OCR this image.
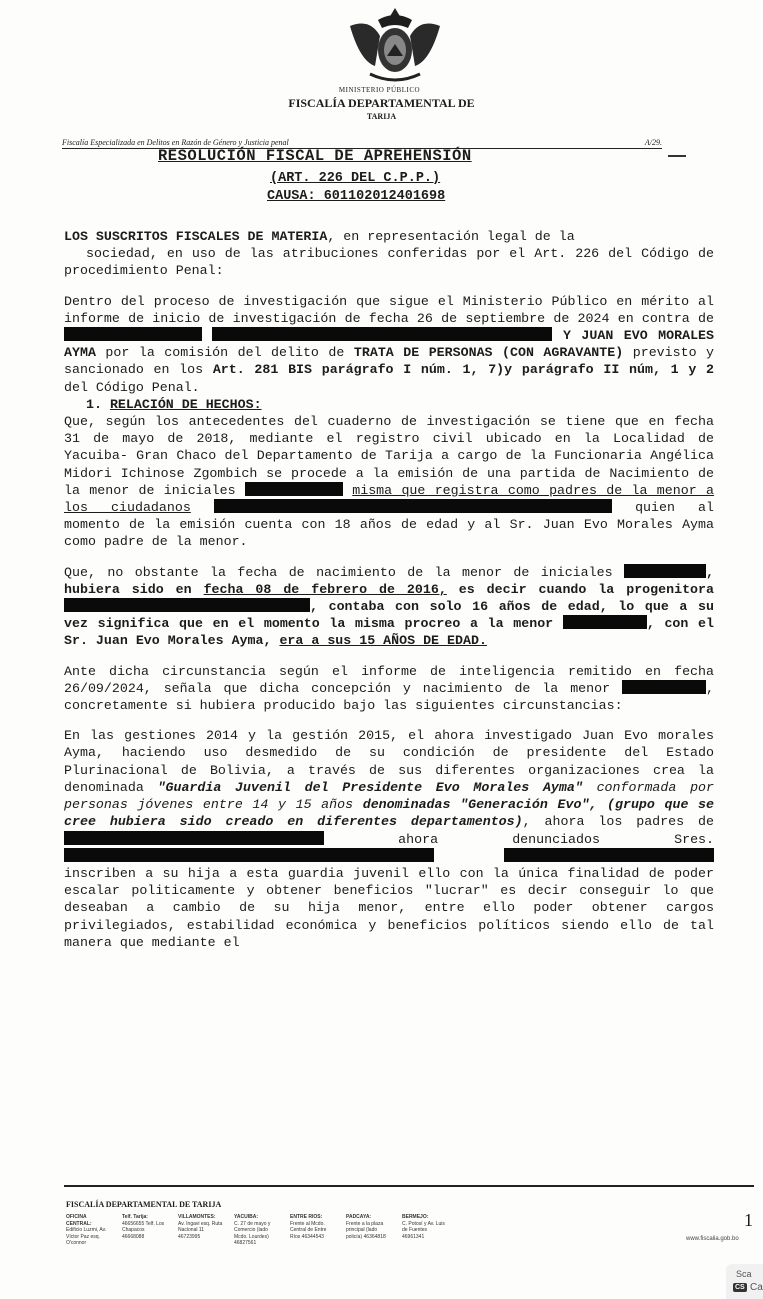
MINISTERIO PÚBLICO
FISCALÍA DEPARTAMENTAL DE
TARIJA
Fiscalía Especializada en Delitos en Razón de Género y Justicia penal	A/29.
RESOLUCIÓN FISCAL DE APREHENSIÓN
(ART. 226 DEL C.P.P.)
CAUSA: 601102012401698

LOS SUSCRITOS FISCALES DE MATERIA, en representación legal de la
sociedad, en uso de las atribuciones conferidas por el Art. 226 del Código de procedimiento Penal:

Dentro del proceso de investigación que sigue el Ministerio Público en mérito al informe de inicio de investigación de fecha 26 de septiembre de 2024 en contra de   Y JUAN EVO MORALES AYMA por la comisión del delito de TRATA DE PERSONAS (CON AGRAVANTE) previsto y sancionado en los Art. 281 BIS parágrafo I núm. 1, 7)y parágrafo II núm, 1 y 2 del Código Penal.

1. RELACIÓN DE HECHOS:

Que, según los antecedentes del cuaderno de investigación se tiene que en fecha 31 de mayo de 2018, mediante el registro civil ubicado en la Localidad de Yacuiba- Gran Chaco del Departamento de Tarija a cargo de la Funcionaria Angélica Midori Ichinose Zgombich se procede a la emisión de una partida de Nacimiento de la menor de iniciales	misma que registra como padres de la menor a los ciudadanos	quien al momento de la emisión cuenta con 18 años de edad y al Sr. Juan Evo Morales Ayma como padre de la menor.

Que, no obstante la fecha de nacimiento de la menor de iniciales	, hubiera sido en fecha 08 de febrero de 2016, es decir cuando la progenitora , contaba con solo 16 años de edad, lo que a su vez significa que en el momento la misma procreo a la menor	, con el Sr. Juan Evo Morales Ayma, era a sus 15 AÑOS DE EDAD.

Ante dicha circunstancia según el informe de inteligencia remitido en fecha 26/09/2024, señala que dicha concepción y nacimiento de la menor	, concretamente si hubiera producido bajo las siguientes circunstancias:

En las gestiones 2014 y la gestión 2015, el ahora investigado Juan Evo morales Ayma, haciendo uso desmedido de su condición de presidente del Estado Plurinacional de Bolivia, a través de sus diferentes organizaciones crea la denominada "Guardia Juvenil del Presidente Evo Morales Ayma" conformada por personas jóvenes entre 14 y 15 años denominadas "Generación Evo", (grupo que se cree hubiera sido creado en diferentes departamentos), ahora los padres de  ahora denunciados Sres.   inscriben a su hija a esta guardia juvenil ello con la única finalidad de poder escalar politicamente y obtener beneficios "lucrar" es decir conseguir lo que deseaban a cambio de su hija menor, entre ello poder obtener cargos privilegiados, estabilidad económica y beneficios políticos siendo ello de tal manera que mediante el

FISCALÍA DEPARTAMENTAL DE TARIJA
OFICINA CENTRAL:
Edificio Luzmi, Av. Víctor Paz esq. O'connor
Telf. Tarija:
46656655 Telf. Los Chapacos 46668088
VILLAMONTES:
Av. Ingavi esq. Ruta Nacional 11 46723995
YACUIBA:
C. 27 de mayo y Comercio (lado Mcdo. Lourdes) 46827561
ENTRE RIOS:
Frente al Mcdo. Central de Entre Ríos 46344543
PADCAYA:
Frente a la plaza principal (lado policía) 46364818
BERMEJO:
C. Potosí y Av. Luis de Fuentes 46961341	www.fiscalia.gob.bo
1
Sca
CS Ca
